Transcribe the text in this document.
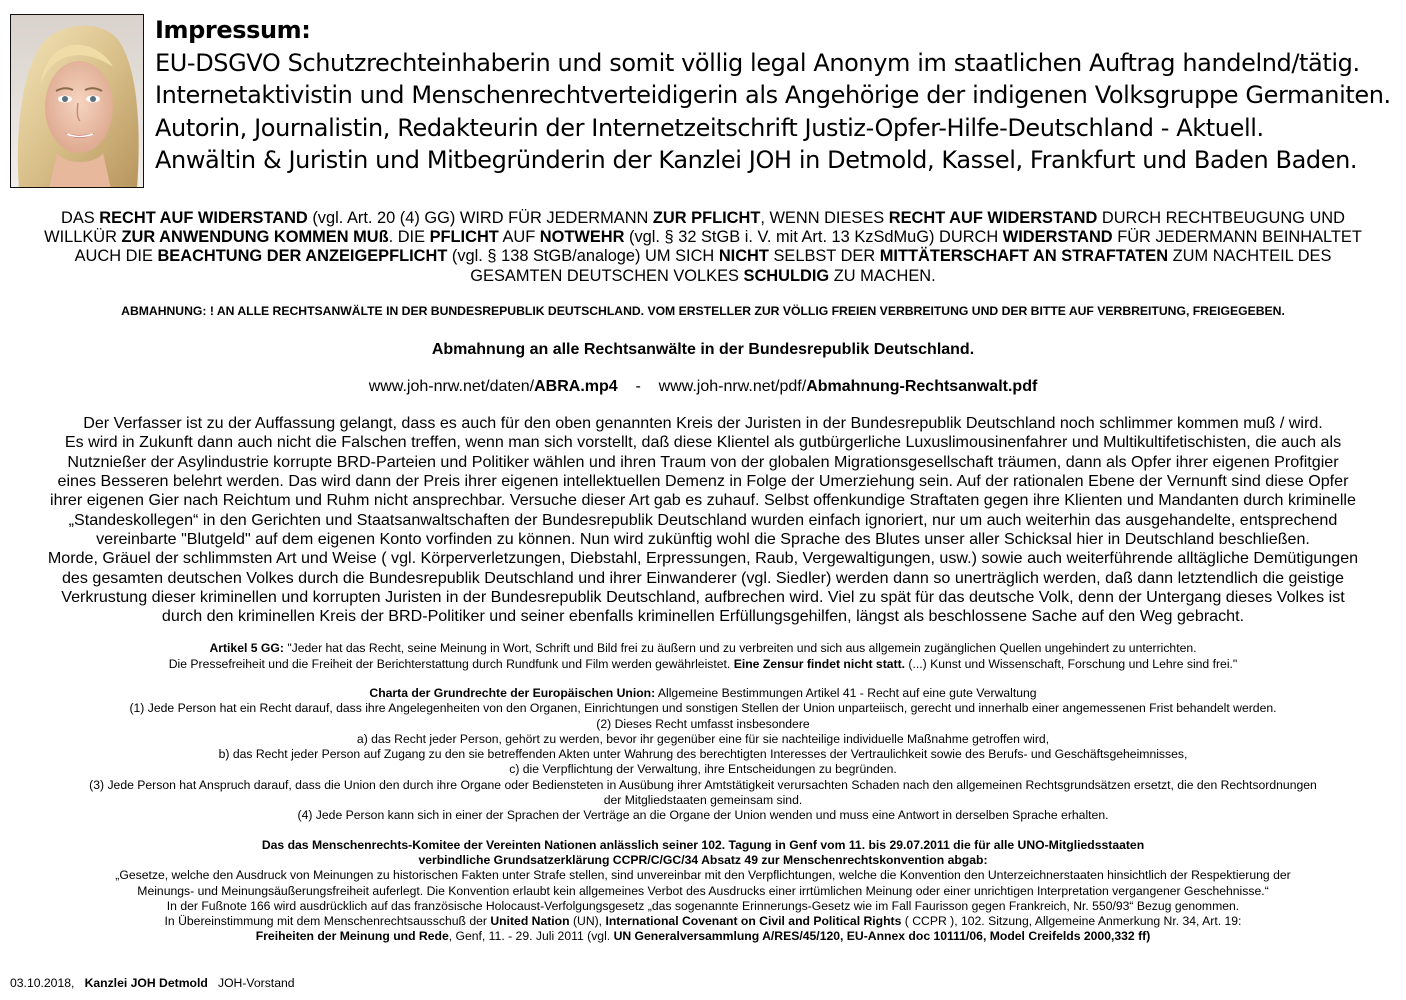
Impressum:
EU-DSGVO Schutzrechteinhaberin und somit völlig legal Anonym im staatlichen Auftrag handelnd/tätig.
Internetaktivistin und Menschenrechtverteidigerin als Angehörige der indigenen Volksgruppe Germaniten.
Autorin, Journalistin, Redakteurin der Internetzeitschrift Justiz-Opfer-Hilfe-Deutschland - Aktuell.
Anwältin & Juristin und Mitbegründerin der Kanzlei JOH in Detmold, Kassel, Frankfurt und Baden Baden.
DAS RECHT AUF WIDERSTAND (vgl. Art. 20 (4) GG) WIRD FÜR JEDERMANN ZUR PFLICHT, WENN DIESES RECHT AUF WIDERSTAND DURCH RECHTBEUGUNG UND
WILLKÜR ZUR ANWENDUNG KOMMEN MUß. DIE PFLICHT AUF NOTWEHR (vgl. § 32 StGB i. V. mit Art. 13 KzSdMuG) DURCH WIDERSTAND FÜR JEDERMANN BEINHALTET
AUCH DIE BEACHTUNG DER ANZEIGEPFLICHT (vgl. § 138 StGB/analoge) UM SICH NICHT SELBST DER MITTÄTERSCHAFT AN STRAFTATEN ZUM NACHTEIL DES
GESAMTEN DEUTSCHEN VOLKES SCHULDIG ZU MACHEN.
ABMAHNUNG: ! AN ALLE RECHTSANWÄLTE IN DER BUNDESREPUBLIK DEUTSCHLAND. VOM ERSTELLER ZUR VÖLLIG FREIEN VERBREITUNG UND DER BITTE AUF VERBREITUNG, FREIGEGEBEN.
Abmahnung an alle Rechtsanwälte in der Bundesrepublik Deutschland.
www.joh-nrw.net/daten/ABRA.mp4    -    www.joh-nrw.net/pdf/Abmahnung-Rechtsanwalt.pdf
Der Verfasser ist zu der Auffassung gelangt, dass es auch für den oben genannten Kreis der Juristen in der Bundesrepublik Deutschland noch schlimmer kommen muß / wird.
Es wird in Zukunft dann auch nicht die Falschen treffen, wenn man sich vorstellt, daß diese Klientel als gutbürgerliche Luxuslimousinenfahrer und Multikultifetischisten, die auch als
Nutznießer der Asylindustrie korrupte BRD-Parteien und Politiker wählen und ihren Traum von der globalen Migrationsgesellschaft träumen, dann als Opfer ihrer eigenen Profitgier
eines Besseren belehrt werden. Das wird dann der Preis ihrer eigenen intellektuellen Demenz in Folge der Umerziehung sein. Auf der rationalen Ebene der Vernunft sind diese Opfer
ihrer eigenen Gier nach Reichtum und Ruhm nicht ansprechbar. Versuche dieser Art gab es zuhauf. Selbst offenkundige Straftaten gegen ihre Klienten und Mandanten durch kriminelle
„Standeskollegen“ in den Gerichten und Staatsanwaltschaften der Bundesrepublik Deutschland wurden einfach ignoriert, nur um auch weiterhin das ausgehandelte, entsprechend
vereinbarte "Blutgeld" auf dem eigenen Konto vorfinden zu können. Nun wird zukünftig wohl die Sprache des Blutes unser aller Schicksal hier in Deutschland beschließen.
Morde, Gräuel der schlimmsten Art und Weise ( vgl. Körperverletzungen, Diebstahl, Erpressungen, Raub, Vergewaltigungen, usw.) sowie auch weiterführende alltägliche Demütigungen
des gesamten deutschen Volkes durch die Bundesrepublik Deutschland und ihrer Einwanderer (vgl. Siedler) werden dann so unerträglich werden, daß dann letztendlich die geistige
Verkrustung dieser kriminellen und korrupten Juristen in der Bundesrepublik Deutschland, aufbrechen wird. Viel zu spät für das deutsche Volk, denn der Untergang dieses Volkes ist
durch den kriminellen Kreis der BRD-Politiker und seiner ebenfalls kriminellen Erfüllungsgehilfen, längst als beschlossene Sache auf den Weg gebracht.
Artikel 5 GG: "Jeder hat das Recht, seine Meinung in Wort, Schrift und Bild frei zu äußern und zu verbreiten und sich aus allgemein zugänglichen Quellen ungehindert zu unterrichten.
Die Pressefreiheit und die Freiheit der Berichterstattung durch Rundfunk und Film werden gewährleistet. Eine Zensur findet nicht statt. (...) Kunst und Wissenschaft, Forschung und Lehre sind frei."
Charta der Grundrechte der Europäischen Union: Allgemeine Bestimmungen Artikel 41 - Recht auf eine gute Verwaltung
(1) Jede Person hat ein Recht darauf, dass ihre Angelegenheiten von den Organen, Einrichtungen und sonstigen Stellen der Union unparteiisch, gerecht und innerhalb einer angemessenen Frist behandelt werden.
(2) Dieses Recht umfasst insbesondere
a) das Recht jeder Person, gehört zu werden, bevor ihr gegenüber eine für sie nachteilige individuelle Maßnahme getroffen wird,
b) das Recht jeder Person auf Zugang zu den sie betreffenden Akten unter Wahrung des berechtigten Interesses der Vertraulichkeit sowie des Berufs- und Geschäftsgeheimnisses,
c) die Verpflichtung der Verwaltung, ihre Entscheidungen zu begründen.
(3) Jede Person hat Anspruch darauf, dass die Union den durch ihre Organe oder Bediensteten in Ausübung ihrer Amtstätigkeit verursachten Schaden nach den allgemeinen Rechtsgrundsätzen ersetzt, die den Rechtsordnungen
der Mitgliedstaaten gemeinsam sind.
(4) Jede Person kann sich in einer der Sprachen der Verträge an die Organe der Union wenden und muss eine Antwort in derselben Sprache erhalten.
Das das Menschenrechts-Komitee der Vereinten Nationen anlässlich seiner 102. Tagung in Genf vom 11. bis 29.07.2011 die für alle UNO-Mitgliedsstaaten
verbindliche Grundsatzerklärung CCPR/C/GC/34 Absatz 49 zur Menschenrechtskonvention abgab:
„Gesetze, welche den Ausdruck von Meinungen zu historischen Fakten unter Strafe stellen, sind unvereinbar mit den Verpflichtungen, welche die Konvention den Unterzeichnerstaaten hinsichtlich der Respektierung der
Meinungs- und Meinungsäußerungsfreiheit auferlegt. Die Konvention erlaubt kein allgemeines Verbot des Ausdrucks einer irrtümlichen Meinung oder einer unrichtigen Interpretation vergangener Geschehnisse.“
In der Fußnote 166 wird ausdrücklich auf das französische Holocaust-Verfolgungsgesetz „das sogenannte Erinnerungs-Gesetz wie im Fall Faurisson gegen Frankreich, Nr. 550/93“ Bezug genommen.
In Übereinstimmung mit dem Menschenrechtsausschuß der United Nation (UN), International Covenant on Civil and Political Rights ( CCPR ), 102. Sitzung, Allgemeine Anmerkung Nr. 34, Art. 19:
Freiheiten der Meinung und Rede, Genf, 11. - 29. Juli 2011 (vgl. UN Generalversammlung A/RES/45/120, EU-Annex doc 10111/06, Model Creifelds 2000,332 ff)
03.10.2018, Kanzlei JOH Detmold JOH-Vorstand
